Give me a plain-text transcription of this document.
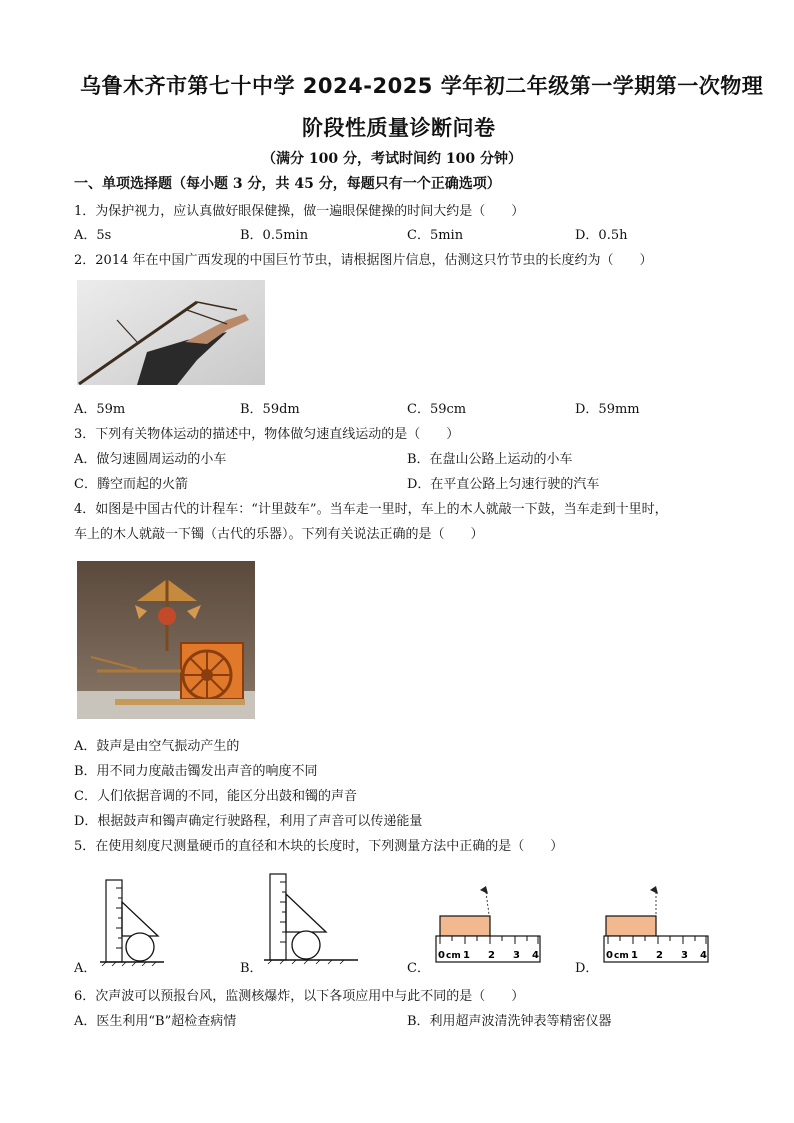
乌鲁木齐市第七十中学 2024-2025 学年初二年级第一学期第一次物理
阶段性质量诊断问卷
（满分 100 分，考试时间约 100 分钟）
一、单项选择题（每小题 3 分，共 45 分，每题只有一个正确选项）
1．为保护视力，应认真做好眼保健操，做一遍眼保健操的时间大约是（　　）
A．5s	B．0.5min	C．5min	D．0.5h
2．2014 年在中国广西发现的中国巨竹节虫，请根据图片信息，估测这只竹节虫的长度约为（　　）
A．59m	B．59dm	C．59cm	D．59mm
3．下列有关物体运动的描述中，物体做匀速直线运动的是（　　）
A．做匀速圆周运动的小车	B．在盘山公路上运动的小车
C．腾空而起的火箭	D．在平直公路上匀速行驶的汽车
4．如图是中国古代的计程车：“计里鼓车”。当车走一里时，车上的木人就敲一下鼓，当车走到十里时，
车上的木人就敲一下镯（古代的乐器）。下列有关说法正确的是（　　）
A．鼓声是由空气振动产生的
B．用不同力度敲击镯发出声音的响度不同
C．人们依据音调的不同，能区分出鼓和镯的声音
D．根据鼓声和镯声确定行驶路程，利用了声音可以传递能量
5．在使用刻度尺测量硬币的直径和木块的长度时，下列测量方法中正确的是（　　）
A．	B．	C．
0 cm 1 2 3 4
D．
0 cm 1 2 3 4
6．次声波可以预报台风，监测核爆炸，以下各项应用中与此不同的是（　　）
A．医生利用“B”超检查病情	B．利用超声波清洗钟表等精密仪器
